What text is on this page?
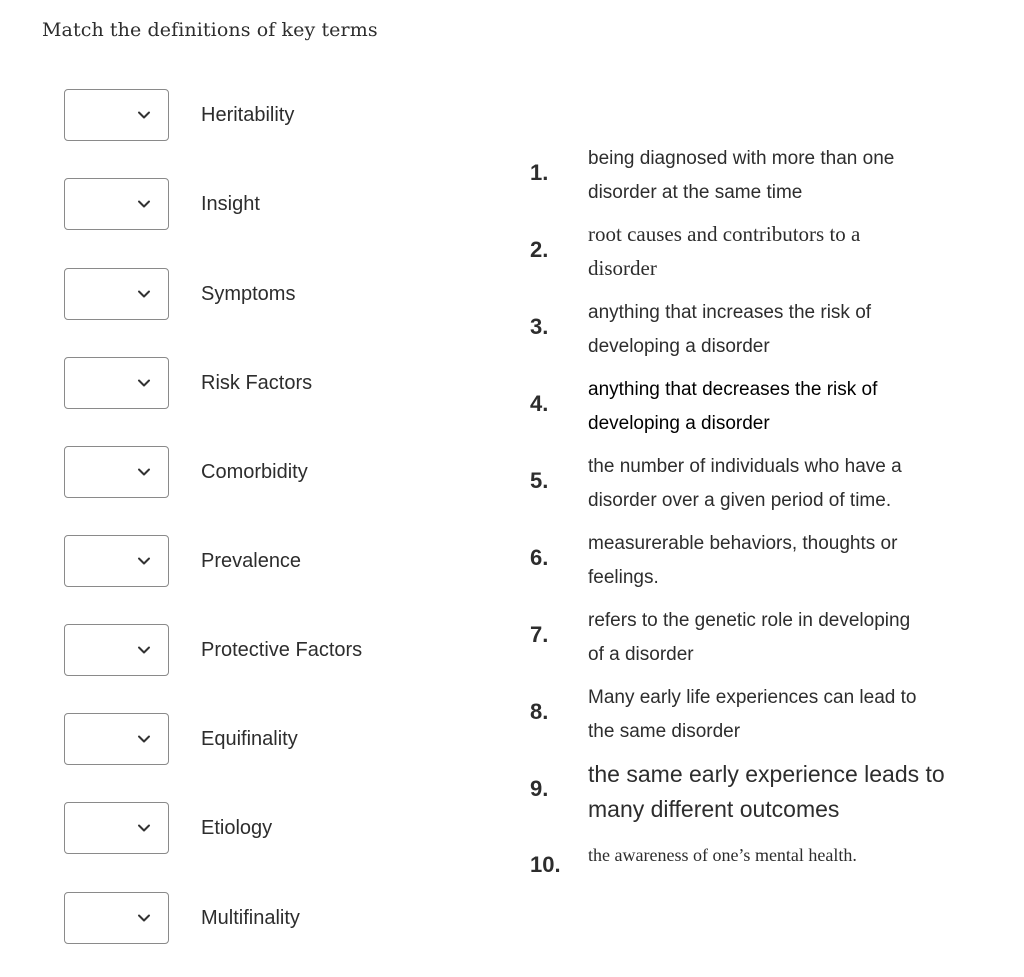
Match the definitions of key terms
Heritability
Insight
Symptoms
Risk Factors
Comorbidity
Prevalence
Protective Factors
Equifinality
Etiology
Multifinality
1.
being diagnosed with more than one
disorder at the same time
2.
root causes and contributors to a
disorder
3.
anything that increases the risk of
developing a disorder
4.
anything that decreases the risk of
developing a disorder
5.
the number of individuals who have a
disorder over a given period of time.
6.
measurerable behaviors, thoughts or
feelings.
7.
refers to the genetic role in developing
of a disorder
8.
Many early life experiences can lead to
the same disorder
9.
the same early experience leads to
many different outcomes
10. the awareness of one’s mental health.
